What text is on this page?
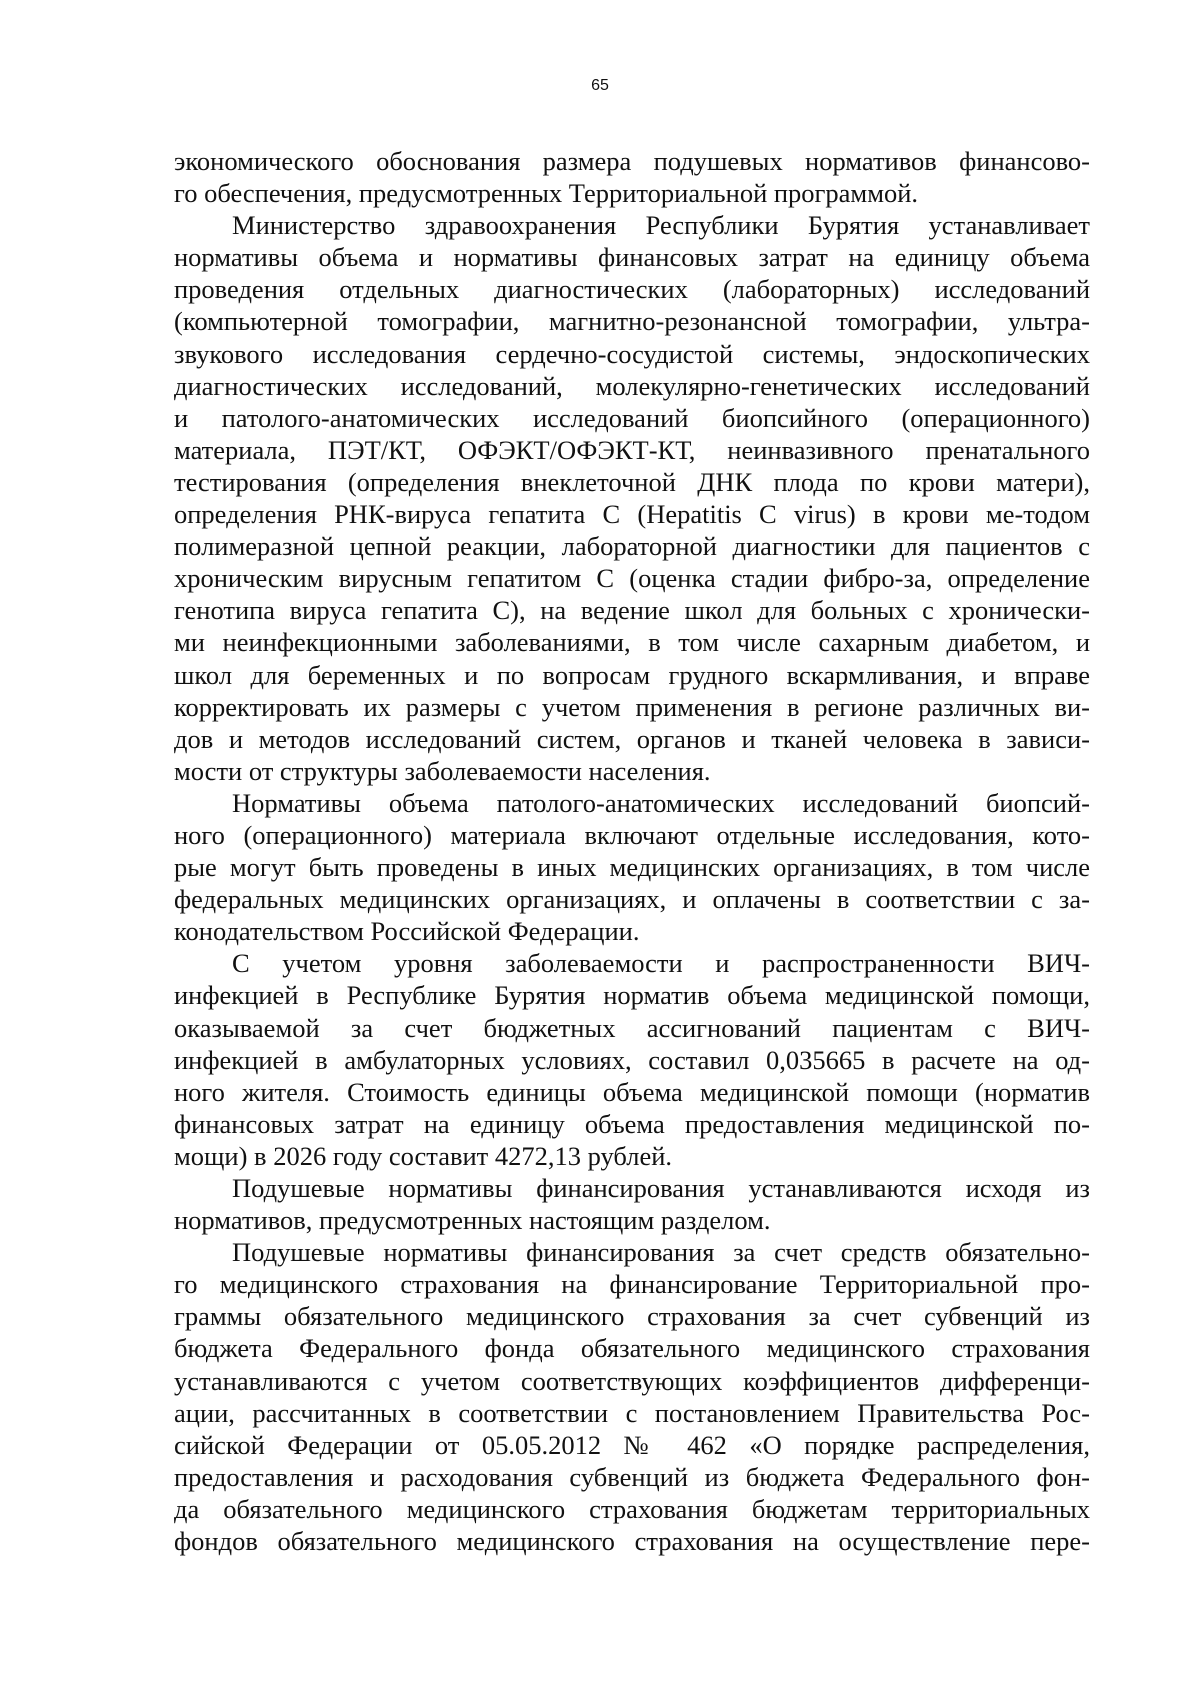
65

экономического обоснования размера подушевых нормативов финансово-
го обеспечения, предусмотренных Территориальной программой.

Министерство здравоохранения Республики Бурятия устанавливает
нормативы объема и нормативы финансовых затрат на единицу объема
проведения отдельных диагностических (лабораторных) исследований
(компьютерной томографии, магнитно-резонансной томографии, ультра-
звукового исследования сердечно-сосудистой системы, эндоскопических
диагностических исследований, молекулярно-генетических исследований
и патолого-анатомических исследований биопсийного (операционного)
материала, ПЭТ/КТ, ОФЭКТ/ОФЭКТ-КТ, неинвазивного пренатального
тестирования (определения внеклеточной ДНК плода по крови матери),
определения РНК-вируса гепатита С (Hepatitis C virus) в крови ме-тодом
полимеразной цепной реакции, лабораторной диагностики для пациентов с
хроническим вирусным гепатитом С (оценка стадии фибро-за, определение
генотипа вируса гепатита С), на ведение школ для больных с хронически-
ми неинфекционными заболеваниями, в том числе сахарным диабетом, и
школ для беременных и по вопросам грудного вскармливания, и вправе
корректировать их размеры с учетом применения в регионе различных ви-
дов и методов исследований систем, органов и тканей человека в зависи-
мости от структуры заболеваемости населения.

Нормативы объема патолого-анатомических исследований биопсий-
ного (операционного) материала включают отдельные исследования, кото-
рые могут быть проведены в иных медицинских организациях, в том числе
федеральных медицинских организациях, и оплачены в соответствии с за-
конодательством Российской Федерации.

С учетом уровня заболеваемости и распространенности ВИЧ-
инфекцией в Республике Бурятия норматив объема медицинской помощи,
оказываемой за счет бюджетных ассигнований пациентам с ВИЧ-
инфекцией в амбулаторных условиях, составил 0,035665 в расчете на од-
ного жителя. Стоимость единицы объема медицинской помощи (норматив
финансовых затрат на единицу объема предоставления медицинской по-
мощи) в 2026 году составит 4272,13 рублей.

Подушевые нормативы финансирования устанавливаются исходя из
нормативов, предусмотренных настоящим разделом.

Подушевые нормативы финансирования за счет средств обязательно-
го медицинского страхования на финансирование Территориальной про-
граммы обязательного медицинского страхования за счет субвенций из
бюджета Федерального фонда обязательного медицинского страхования
устанавливаются с учетом соответствующих коэффициентов дифференци-
ации, рассчитанных в соответствии с постановлением Правительства Рос-
сийской Федерации от 05.05.2012 № 462 «О порядке распределения,
предоставления и расходования субвенций из бюджета Федерального фон-
да обязательного медицинского страхования бюджетам территориальных
фондов обязательного медицинского страхования на осуществление пере-
